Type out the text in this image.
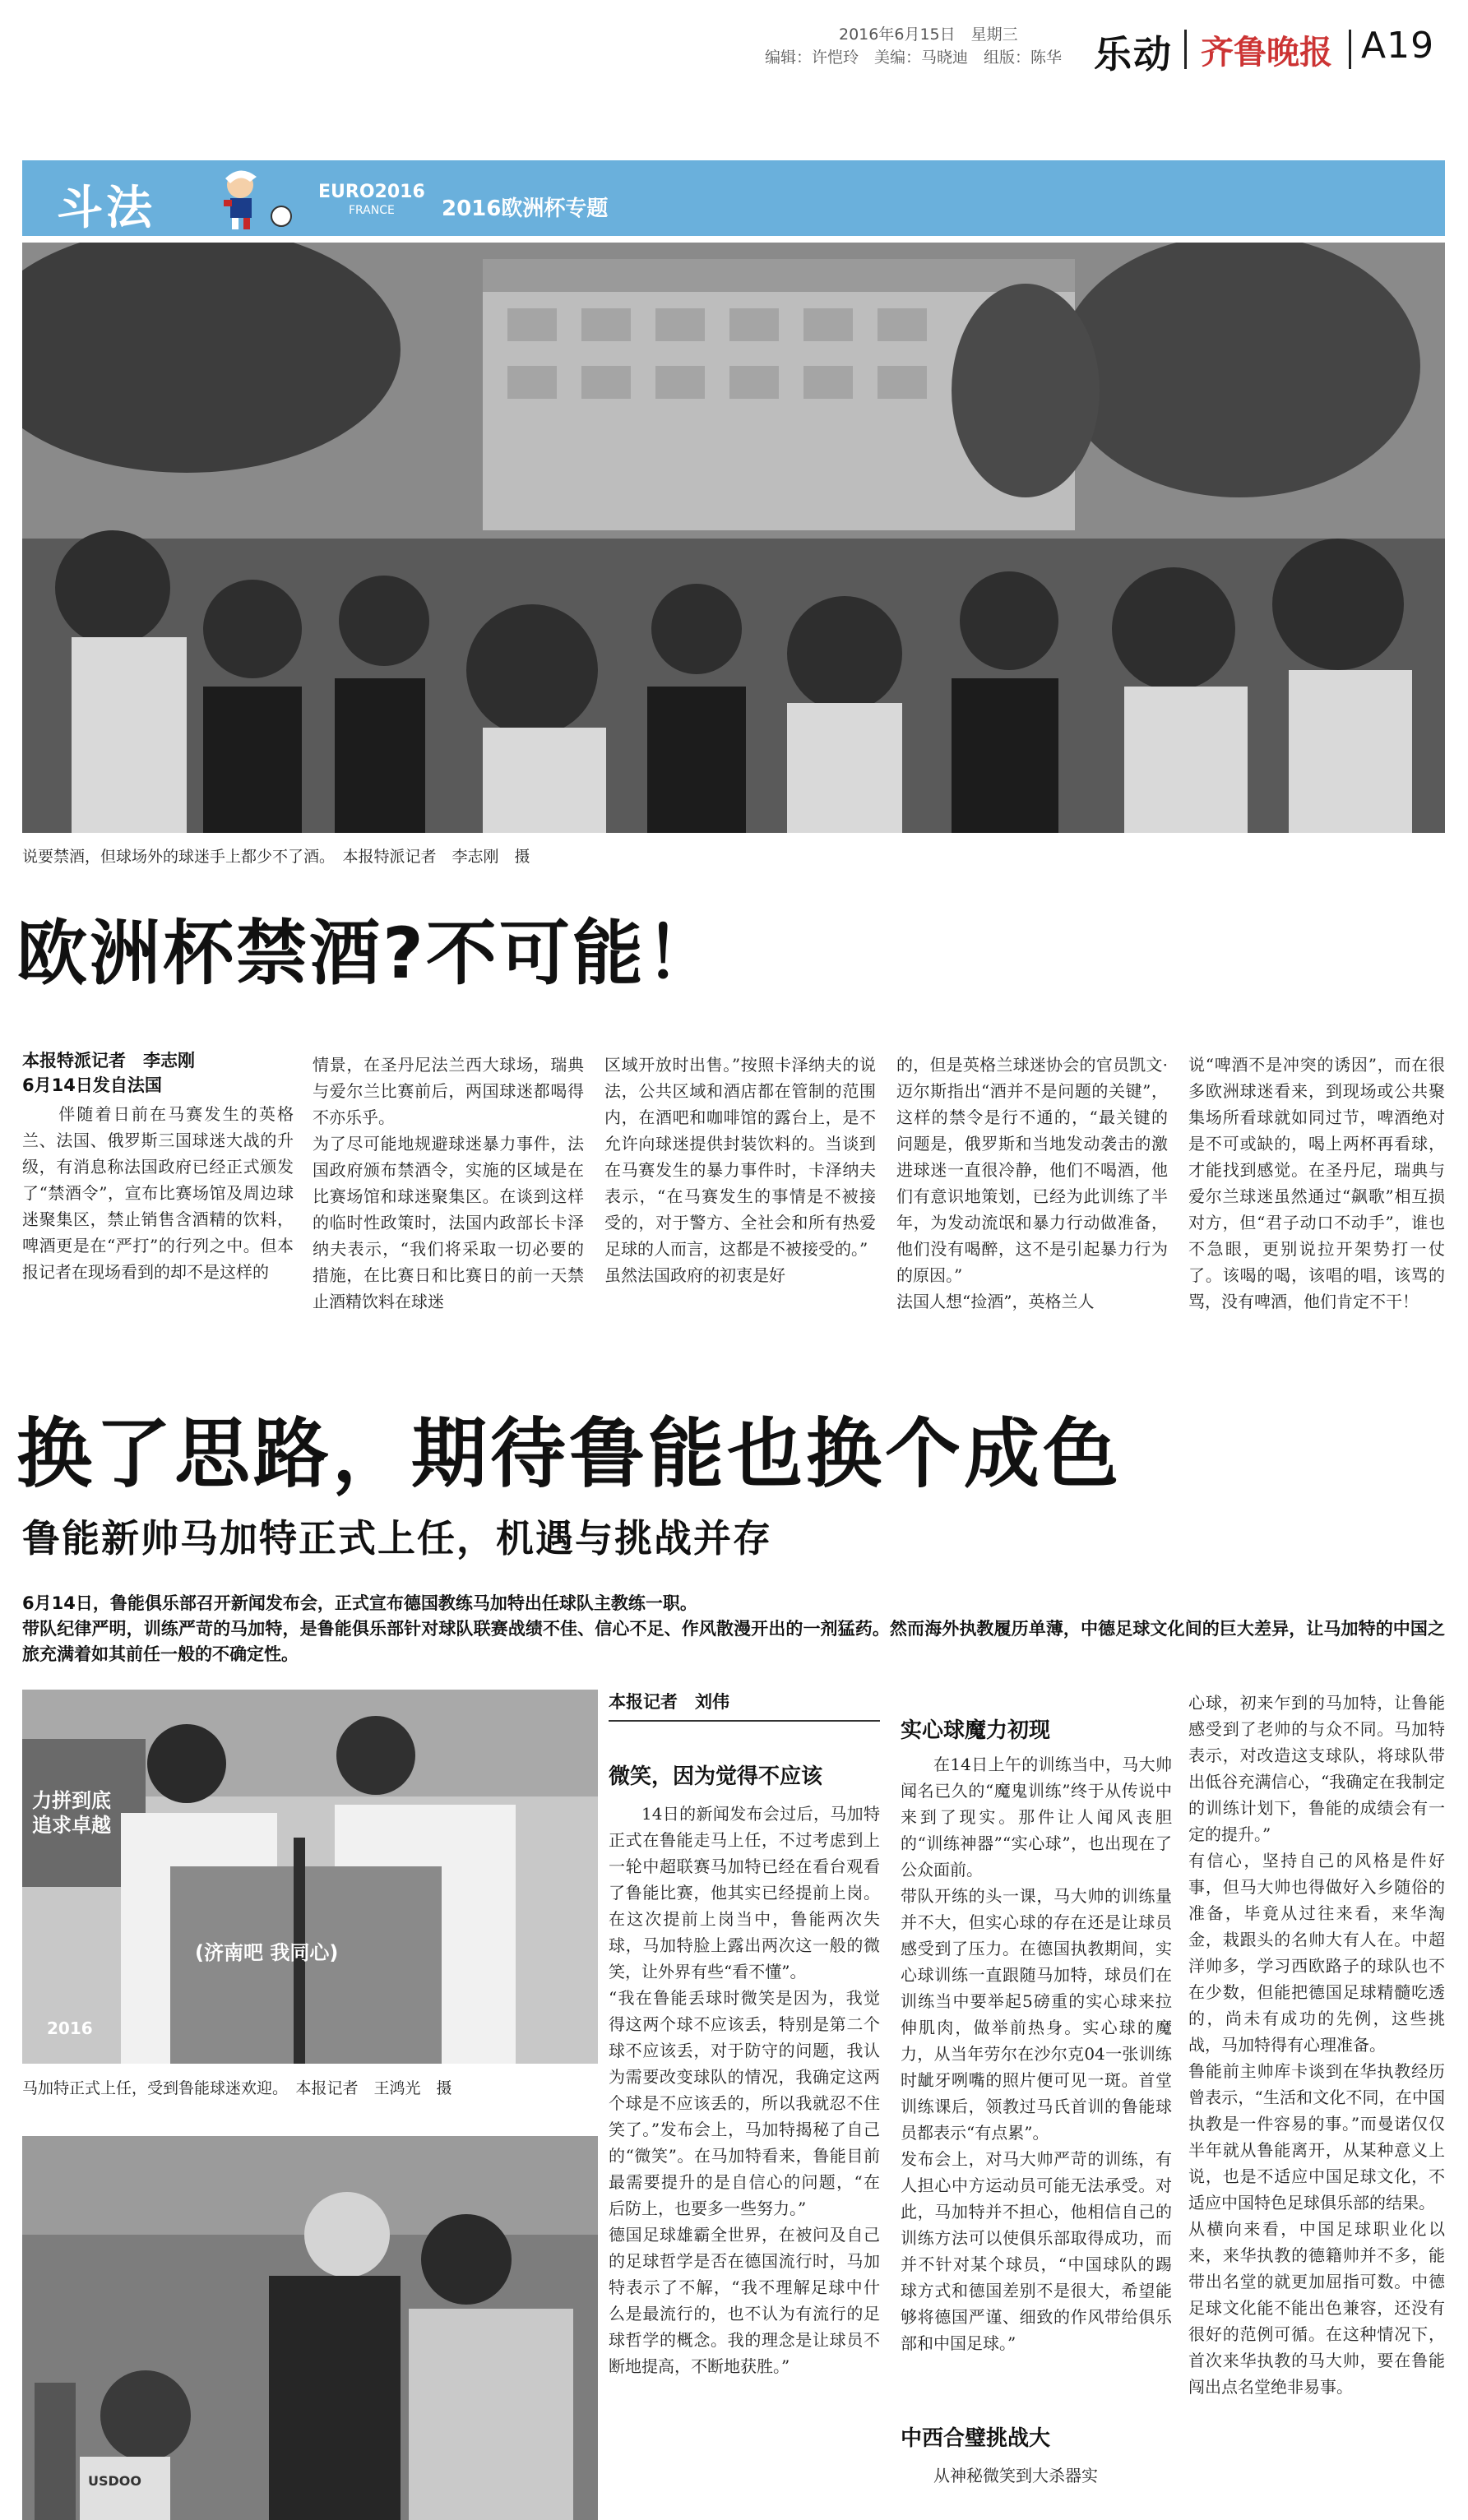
2016年6月15日　 星期三
编辑：许恺玲　美编：马晓迪　组版：陈华 乐动 齐鲁晚报 A19
斗法	EURO2016
FRANCE	2016欧洲杯专题
说要禁酒，但球场外的球迷手上都少不了酒。　本报特派记者　李志刚　摄
欧洲杯禁酒?不可能！
本报特派记者　李志刚
6月14日发自法国
　　伴随着日前在马赛发生的英格兰、法国、俄罗斯三国球迷大战的升级，有消息称法国政府已经正式颁发了“禁酒令”，宣布比赛场馆及周边球迷聚集区，禁止销售含酒精的饮料，啤酒更是在“严打”的行列之中。但本报记者在现场看到的却不是这样的
情景，在圣丹尼法兰西大球场，瑞典与爱尔兰比赛前后，两国球迷都喝得不亦乐乎。
为了尽可能地规避球迷暴力事件，法国政府颁布禁酒令，实施的区域是在比赛场馆和球迷聚集区。在谈到这样的临时性政策时，法国内政部长卡泽纳夫表示，“我们将采取一切必要的措施，在比赛日和比赛日的前一天禁止酒精饮料在球迷
区域开放时出售。”按照卡泽纳夫的说法，公共区域和酒店都在管制的范围内，在酒吧和咖啡馆的露台上，是不允许向球迷提供封装饮料的。当谈到在马赛发生的暴力事件时，卡泽纳夫表示，“在马赛发生的事情是不被接受的，对于警方、全社会和所有热爱足球的人而言，这都是不被接受的。”
虽然法国政府的初衷是好
的，但是英格兰球迷协会的官员凯文·迈尔斯指出“酒并不是问题的关键”，这样的禁令是行不通的，“最关键的问题是，俄罗斯和当地发动袭击的激进球迷一直很冷静，他们不喝酒，他们有意识地策划，已经为此训练了半年，为发动流氓和暴力行动做准备，他们没有喝醉，这不是引起暴力行为的原因。”
法国人想“捡酒”，英格兰人
说“啤酒不是冲突的诱因”，而在很多欧洲球迷看来，到现场或公共聚集场所看球就如同过节，啤酒绝对是不可或缺的，喝上两杯再看球，才能找到感觉。在圣丹尼，瑞典与爱尔兰球迷虽然通过“飙歌”相互损对方，但“君子动口不动手”，谁也不急眼，更别说拉开架势打一仗了。该喝的喝，该唱的唱，该骂的骂，没有啤酒，他们肯定不干！
换了思路，期待鲁能也换个成色
鲁能新帅马加特正式上任，机遇与挑战并存
6月14日，鲁能俱乐部召开新闻发布会，正式宣布德国教练马加特出任球队主教练一职。
带队纪律严明，训练严苛的马加特，是鲁能俱乐部针对球队联赛战绩不佳、信心不足、作风散漫开出的一剂猛药。然而海外执教履历单薄，中德足球文化间的巨大差异，让马加特的中国之旅充满着如其前任一般的不确定性。
力拼到底 追求卓越
(济南吧 我同心)
2016
马加特正式上任，受到鲁能球迷欢迎。　本报记者　王鸿光　摄
USDOO
本报记者　刘伟
微笑，因为觉得不应该
14日的新闻发布会过后，马加特正式在鲁能走马上任，不过考虑到上一轮中超联赛马加特已经在看台观看了鲁能比赛，他其实已经提前上岗。在这次提前上岗当中，鲁能两次失球，马加特脸上露出两次这一般的微笑，让外界有些“看不懂”。
“我在鲁能丢球时微笑是因为，我觉得这两个球不应该丢，特别是第二个球不应该丢，对于防守的问题，我认为需要改变球队的情况，我确定这两个球是不应该丢的，所以我就忍不住笑了。”发布会上，马加特揭秘了自己的“微笑”。在马加特看来，鲁能目前最需要提升的是自信心的问题，“在后防上，也要多一些努力。”
德国足球雄霸全世界，在被问及自己的足球哲学是否在德国流行时，马加特表示了不解，“我不理解足球中什么是最流行的，也不认为有流行的足球哲学的概念。我的理念是让球员不断地提高，不断地获胜。”
实心球魔力初现
在14日上午的训练当中，马大帅闻名已久的“魔鬼训练”终于从传说中来到了现实。那件让人闻风丧胆的“训练神器”“实心球”，也出现在了公众面前。
带队开练的头一课，马大帅的训练量并不大，但实心球的存在还是让球员感受到了压力。在德国执教期间，实心球训练一直跟随马加特，球员们在训练当中要举起5磅重的实心球来拉伸肌肉，做举前热身。实心球的魔力，从当年劳尔在沙尔克04一张训练时龇牙咧嘴的照片便可见一斑。首堂训练课后，领教过马氏首训的鲁能球员都表示“有点累”。
发布会上，对马大帅严苛的训练，有人担心中方运动员可能无法承受。对此，马加特并不担心，他相信自己的训练方法可以使俱乐部取得成功，而并不针对某个球员，“中国球队的踢球方式和德国差别不是很大，希望能够将德国严谨、细致的作风带给俱乐部和中国足球。”
中西合璧挑战大
从神秘微笑到大杀器实
心球，初来乍到的马加特，让鲁能感受到了老帅的与众不同。马加特表示，对改造这支球队，将球队带出低谷充满信心，“我确定在我制定的训练计划下，鲁能的成绩会有一定的提升。”
有信心，坚持自己的风格是件好事，但马大帅也得做好入乡随俗的准备，毕竟从过往来看，来华淘金，栽跟头的名帅大有人在。中超洋帅多，学习西欧路子的球队也不在少数，但能把德国足球精髓吃透的，尚未有成功的先例，这些挑战，马加特得有心理准备。
鲁能前主帅库卡谈到在华执教经历曾表示，“生活和文化不同，在中国执教是一件容易的事。”而曼诺仅仅半年就从鲁能离开，从某种意义上说，也是不适应中国足球文化，不适应中国特色足球俱乐部的结果。
从横向来看，中国足球职业化以来，来华执教的德籍帅并不多，能带出名堂的就更加屈指可数。中德足球文化能不能出色兼容，还没有很好的范例可循。在这种情况下，首次来华执教的马大帅，要在鲁能闯出点名堂绝非易事。
